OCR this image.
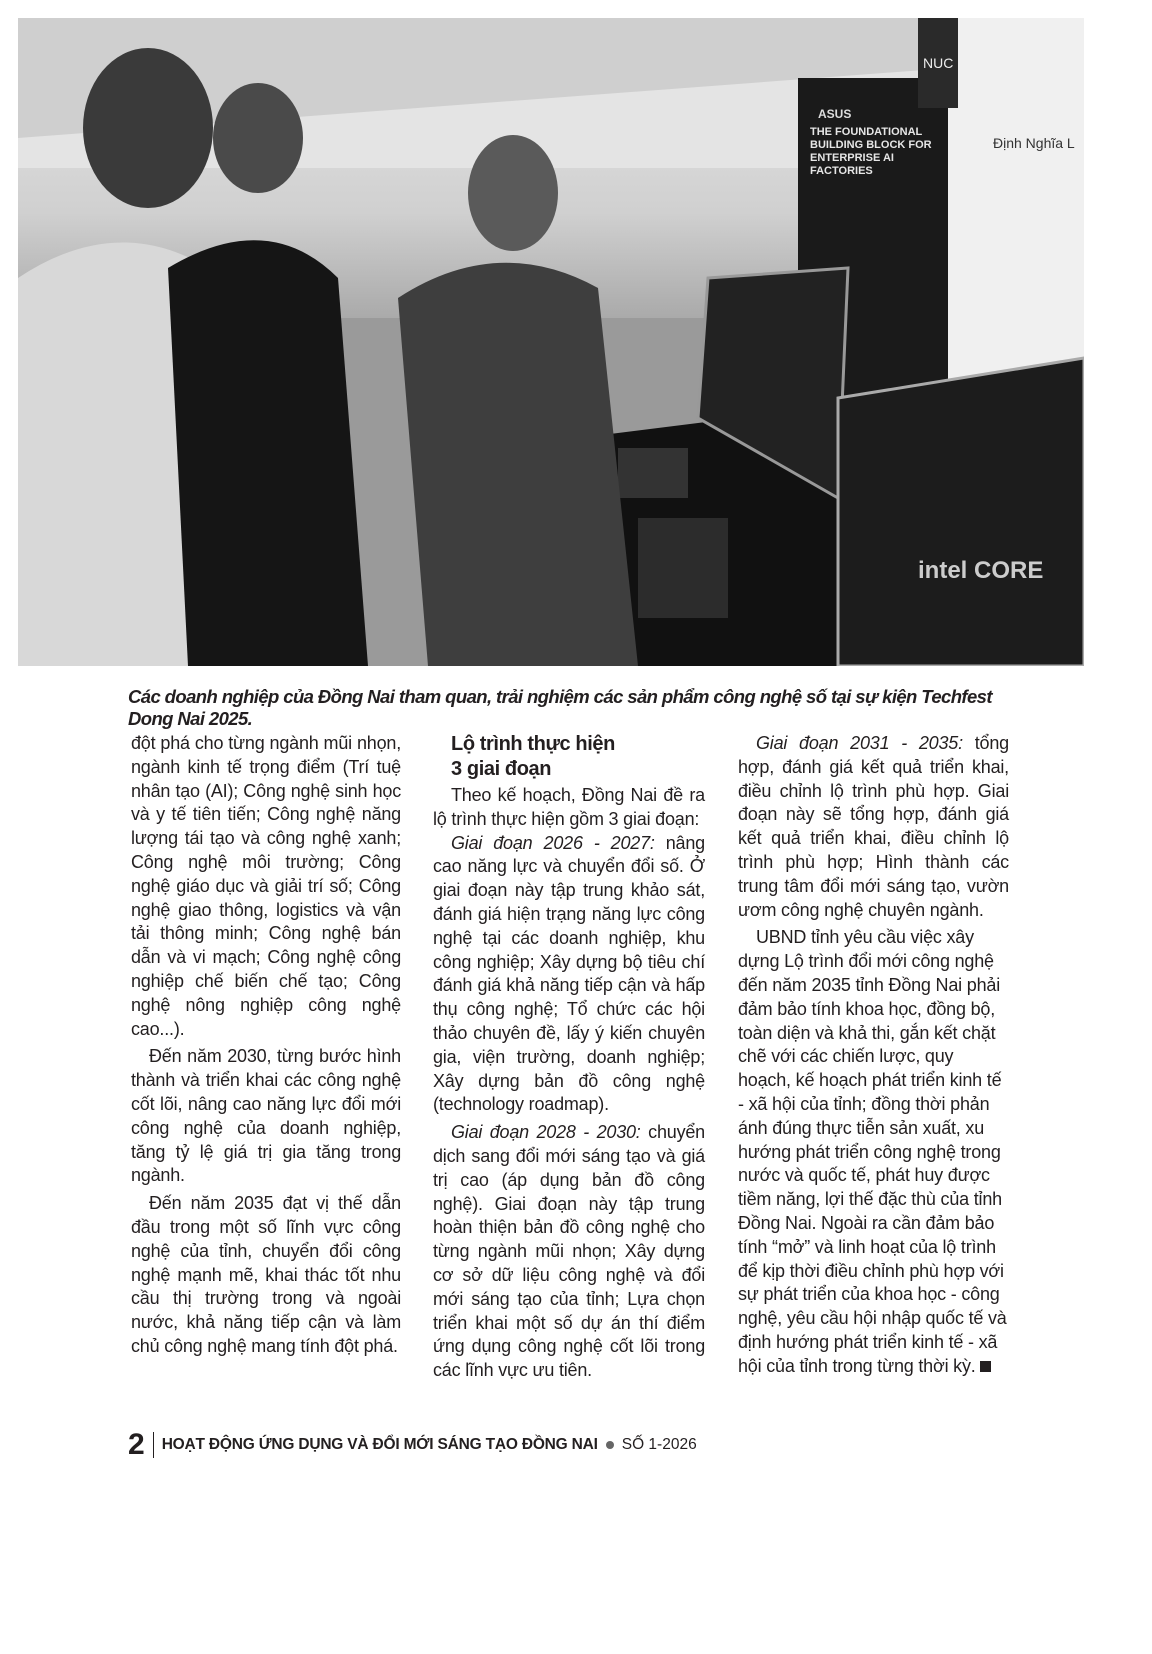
ASUS
THE FOUNDATIONAL BUILDING BLOCK FOR ENTERPRISE AI FACTORIES
Định Nghĩa L
NUC
intel CORE
Các doanh nghiệp của Đồng Nai tham quan, trải nghiệm các sản phẩm công nghệ số tại sự kiện Techfest Dong Nai 2025.

đột phá cho từng ngành mũi nhọn, ngành kinh tế trọng điểm (Trí tuệ nhân tạo (AI); Công nghệ sinh học và y tế tiên tiến; Công nghệ năng lượng tái tạo và công nghệ xanh; Công nghệ môi trường; Công nghệ giáo dục và giải trí số; Công nghệ giao thông, logistics và vận tải thông minh; Công nghệ bán dẫn và vi mạch; Công nghệ công nghiệp chế biến chế tạo; Công nghệ nông nghiệp công nghệ cao...).

Đến năm 2030, từng bước hình thành và triển khai các công nghệ cốt lõi, nâng cao năng lực đổi mới công nghệ của doanh nghiệp, tăng tỷ lệ giá trị gia tăng trong ngành.

Đến năm 2035 đạt vị thế dẫn đầu trong một số lĩnh vực công nghệ của tỉnh, chuyển đổi công nghệ mạnh mẽ, khai thác tốt nhu cầu thị trường trong và ngoài nước, khả năng tiếp cận và làm chủ công nghệ mang tính đột phá.

Lộ trình thực hiện
3 giai đoạn

Theo kế hoạch, Đồng Nai đề ra lộ trình thực hiện gồm 3 giai đoạn:

Giai đoạn 2026 - 2027: nâng cao năng lực và chuyển đổi số. Ở giai đoạn này tập trung khảo sát, đánh giá hiện trạng năng lực công nghệ tại các doanh nghiệp, khu công nghiệp; Xây dựng bộ tiêu chí đánh giá khả năng tiếp cận và hấp thụ công nghệ; Tổ chức các hội thảo chuyên đề, lấy ý kiến chuyên gia, viện trường, doanh nghiệp; Xây dựng bản đồ công nghệ (technology roadmap).

Giai đoạn 2028 - 2030: chuyển dịch sang đổi mới sáng tạo và giá trị cao (áp dụng bản đồ công nghệ). Giai đoạn này tập trung hoàn thiện bản đồ công nghệ cho từng ngành mũi nhọn; Xây dựng cơ sở dữ liệu công nghệ và đổi mới sáng tạo của tỉnh; Lựa chọn triển khai một số dự án thí điểm ứng dụng công nghệ cốt lõi trong các lĩnh vực ưu tiên.

Giai đoạn 2031 - 2035: tổng hợp, đánh giá kết quả triển khai, điều chỉnh lộ trình phù hợp. Giai đoạn này sẽ tổng hợp, đánh giá kết quả triển khai, điều chỉnh lộ trình phù hợp; Hình thành các trung tâm đổi mới sáng tạo, vườn ươm công nghệ chuyên ngành.

UBND tỉnh yêu cầu việc xây dựng Lộ trình đổi mới công nghệ đến năm 2035 tỉnh Đồng Nai phải đảm bảo tính khoa học, đồng bộ, toàn diện và khả thi, gắn kết chặt chẽ với các chiến lược, quy hoạch, kế hoạch phát triển kinh tế - xã hội của tỉnh; đồng thời phản ánh đúng thực tiễn sản xuất, xu hướng phát triển công nghệ trong nước và quốc tế, phát huy được tiềm năng, lợi thế đặc thù của tỉnh Đồng Nai. Ngoài ra cần đảm bảo tính “mở” và linh hoạt của lộ trình để kịp thời điều chỉnh phù hợp với sự phát triển của khoa học - công nghệ, yêu cầu hội nhập quốc tế và định hướng phát triển kinh tế - xã hội của tỉnh trong từng thời kỳ.

2 HOẠT ĐỘNG ỨNG DỤNG VÀ ĐỔI MỚI SÁNG TẠO ĐỒNG NAI SỐ 1-2026
